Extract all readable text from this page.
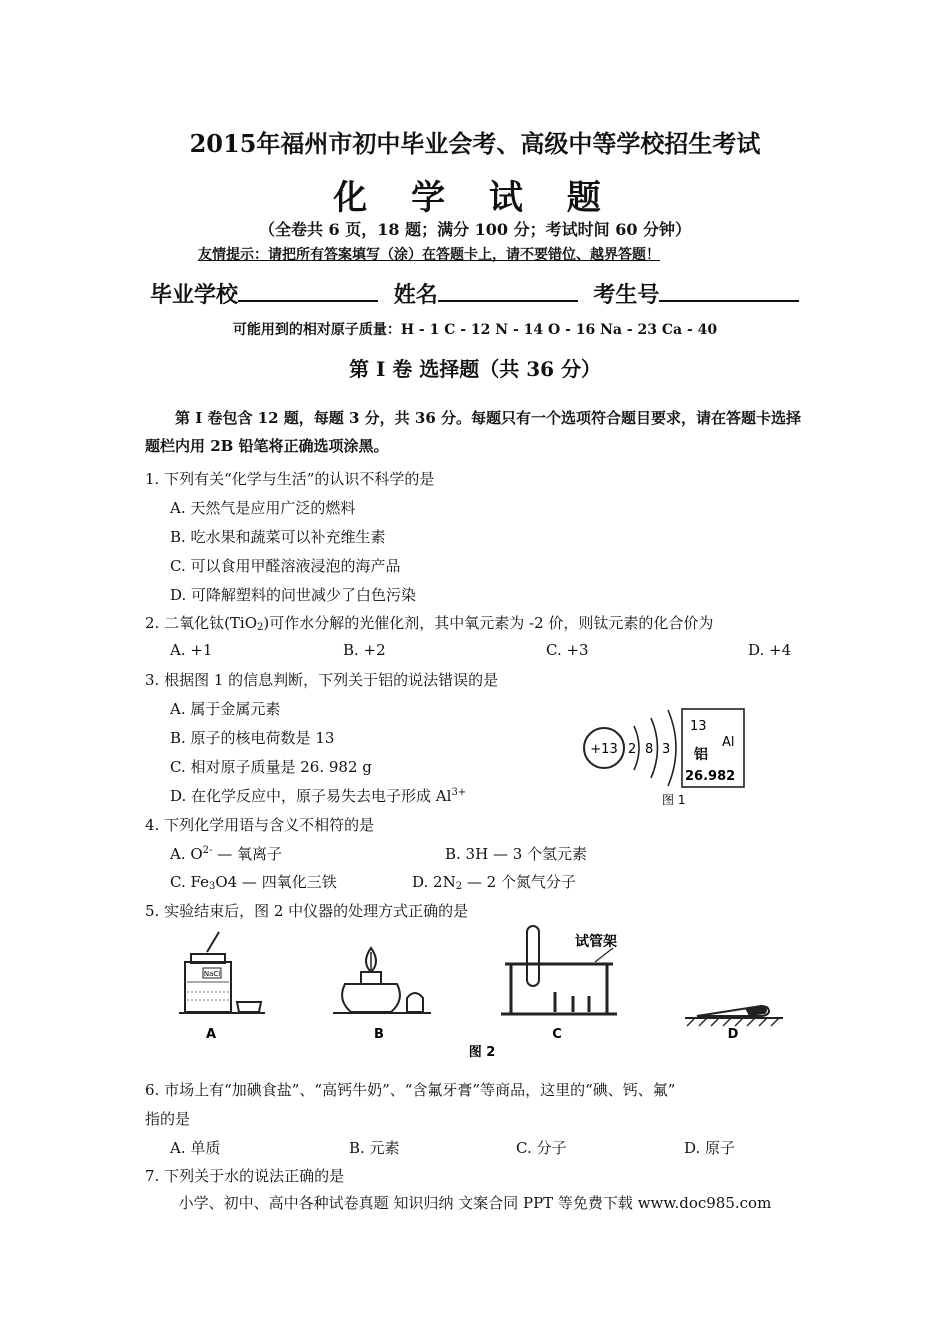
2015年福州市初中毕业会考、高级中等学校招生考试
化 学 试 题
（全卷共 6 页，18 题；满分 100 分；考试时间 60 分钟）
友情提示：请把所有答案填写（涂）在答题卡上，请不要错位、越界答题！
毕业学校	姓名	考生号
可能用到的相对原子质量：H - 1 C - 12 N - 14 O - 16 Na - 23 Ca - 40
第 I 卷 选择题（共 36 分）
第 I 卷包含 12 题，每题 3 分，共 36 分。每题只有一个选项符合题目要求，请在答题卡选择题栏内用 2B 铅笔将正确选项涂黑。
1. 下列有关“化学与生活”的认识不科学的是
A. 天然气是应用广泛的燃料
B. 吃水果和蔬菜可以补充维生素
C. 可以食用甲醛溶液浸泡的海产品
D. 可降解塑料的问世减少了白色污染
2. 二氧化钛(TiO$_2$)可作水分解的光催化剂，其中氧元素为 -2 价，则钛元素的化合价为
A. +1	B. +2	C. +3	D. +4
3. 根据图 1 的信息判断，下列关于铝的说法错误的是
A. 属于金属元素
B. 原子的核电荷数是 13
C. 相对原子质量是 26. 982 g
D. 在化学反应中，原子易失去电子形成 $Al^{3+}$
+13 2 8 3
13
Al
铝
26.982
图 1
4. 下列化学用语与含义不相符的是
A. $O^{2-}$ — 氧离子	B. 3H — 3 个氢元素
C. $Fe_3O4$ — 四氧化三铁	D. $2N_2$ — 2 个氮气分子
5. 实验结束后，图 2 中仪器的处理方式正确的是
NaCl
A	B
试管架
C	D
图 2
6. 市场上有“加碘食盐”、“高钙牛奶”、“含氟牙膏”等商品，这里的“碘、钙、氟”
指的是
A. 单质	B. 元素	C. 分子	D. 原子
7. 下列关于水的说法正确的是
小学、初中、高中各种试卷真题 知识归纳 文案合同 PPT 等免费下载 www.doc985.com
